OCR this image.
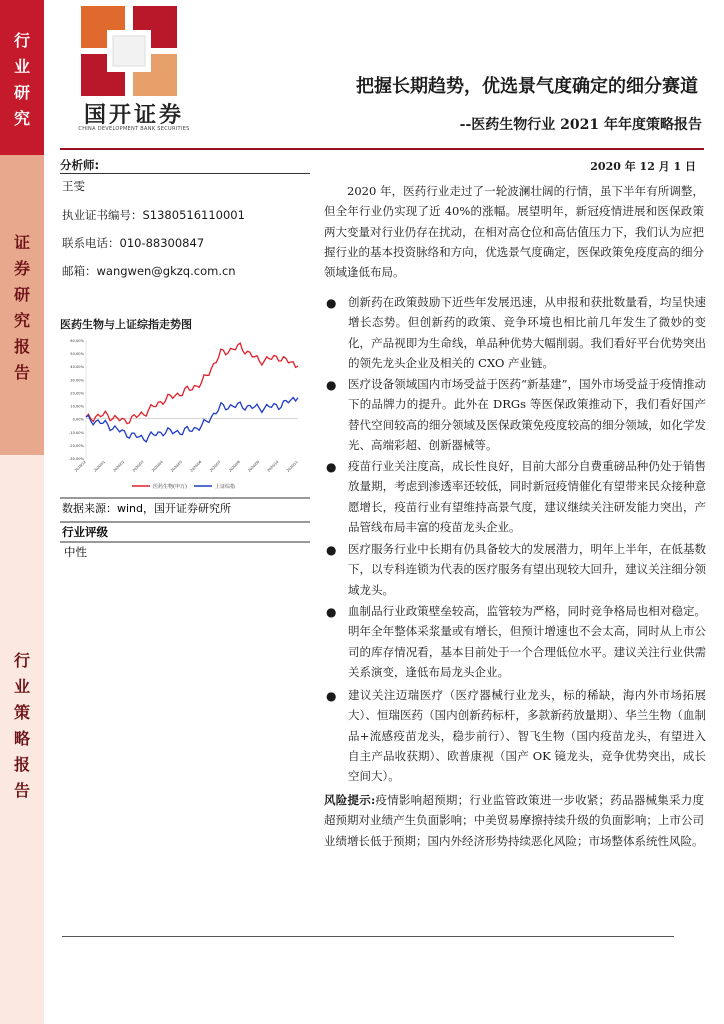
行
业
研
究
证
券
研
究
报
告
行
业
策
略
报
告
国开证券
CHINA DEVELOPMENT BANK SECURITIES
把握长期趋势，优选景气度确定的细分赛道
--医药生物行业 2021 年年度策略报告
分析师:
王雯
执业证书编号：S1380516110001
联系电话：010-88300847
邮箱：wangwen@gkzq.com.cn
医药生物与上证综指走势图
60.00%
50.00%
40.00%
30.00%
20.00%
10.00%
0.00%
-10.00%
-20.00%
-30.00%
2019/12 2020/01 2020/02 2020/03 2020/04 2020/05 2020/06 2020/07 2020/08 2020/09 2020/10 2020/11
医药生物(申万)	上证综指
数据来源：wind，国开证券研究所
行业评级
中性
2020 年 12 月 1 日
2020 年，医药行业走过了一轮波澜壮阔的行情，虽下半年有所调整，但全年行业仍实现了近 40%的涨幅。展望明年，新冠疫情进展和医保政策两大变量对行业仍存在扰动，在相对高仓位和高估值压力下，我们认为应把握行业的基本投资脉络和方向，优选景气度确定，医保政策免疫度高的细分领域逢低布局。
● 创新药在政策鼓励下近些年发展迅速，从申报和获批数量看，均呈快速增长态势。但创新药的政策、竞争环境也相比前几年发生了微妙的变化，产品视即为生命线，单品种优势大幅削弱。我们看好平台优势突出的领先龙头企业及相关的 CXO 产业链。
● 医疗设备领域国内市场受益于医药“新基建”，国外市场受益于疫情推动下的品牌力的提升。此外在 DRGs 等医保政策推动下，我们看好国产替代空间较高的细分领域及医保政策免疫度较高的细分领域，如化学发光、高端彩超、创新器械等。
● 疫苗行业关注度高，成长性良好，目前大部分自费重磅品种仍处于销售放量期，考虑到渗透率还较低，同时新冠疫情催化有望带来民众接种意愿增长，疫苗行业有望维持高景气度，建议继续关注研发能力突出，产品管线布局丰富的疫苗龙头企业。
● 医疗服务行业中长期有仍具备较大的发展潜力，明年上半年，在低基数下，以专科连锁为代表的医疗服务有望出现较大回升，建议关注细分领域龙头。
● 血制品行业政策壁垒较高，监管较为严格，同时竞争格局也相对稳定。明年全年整体采浆量或有增长，但预计增速也不会太高，同时从上市公司的库存情况看，基本目前处于一个合理低位水平。建议关注行业供需关系演变，逢低布局龙头企业。
● 建议关注迈瑞医疗（医疗器械行业龙头，标的稀缺，海内外市场拓展大）、恒瑞医药（国内创新药标杆，多款新药放量期）、华兰生物（血制品+流感疫苗龙头，稳步前行）、智飞生物（国内疫苗龙头，有望进入自主产品收获期）、欧普康视（国产 OK 镜龙头，竞争优势突出，成长空间大）。
风险提示:疫情影响超预期；行业监管政策进一步收紧；药品器械集采力度超预期对业绩产生负面影响；中美贸易摩擦持续升级的负面影响；上市公司业绩增长低于预期；国内外经济形势持续恶化风险；市场整体系统性风险。
